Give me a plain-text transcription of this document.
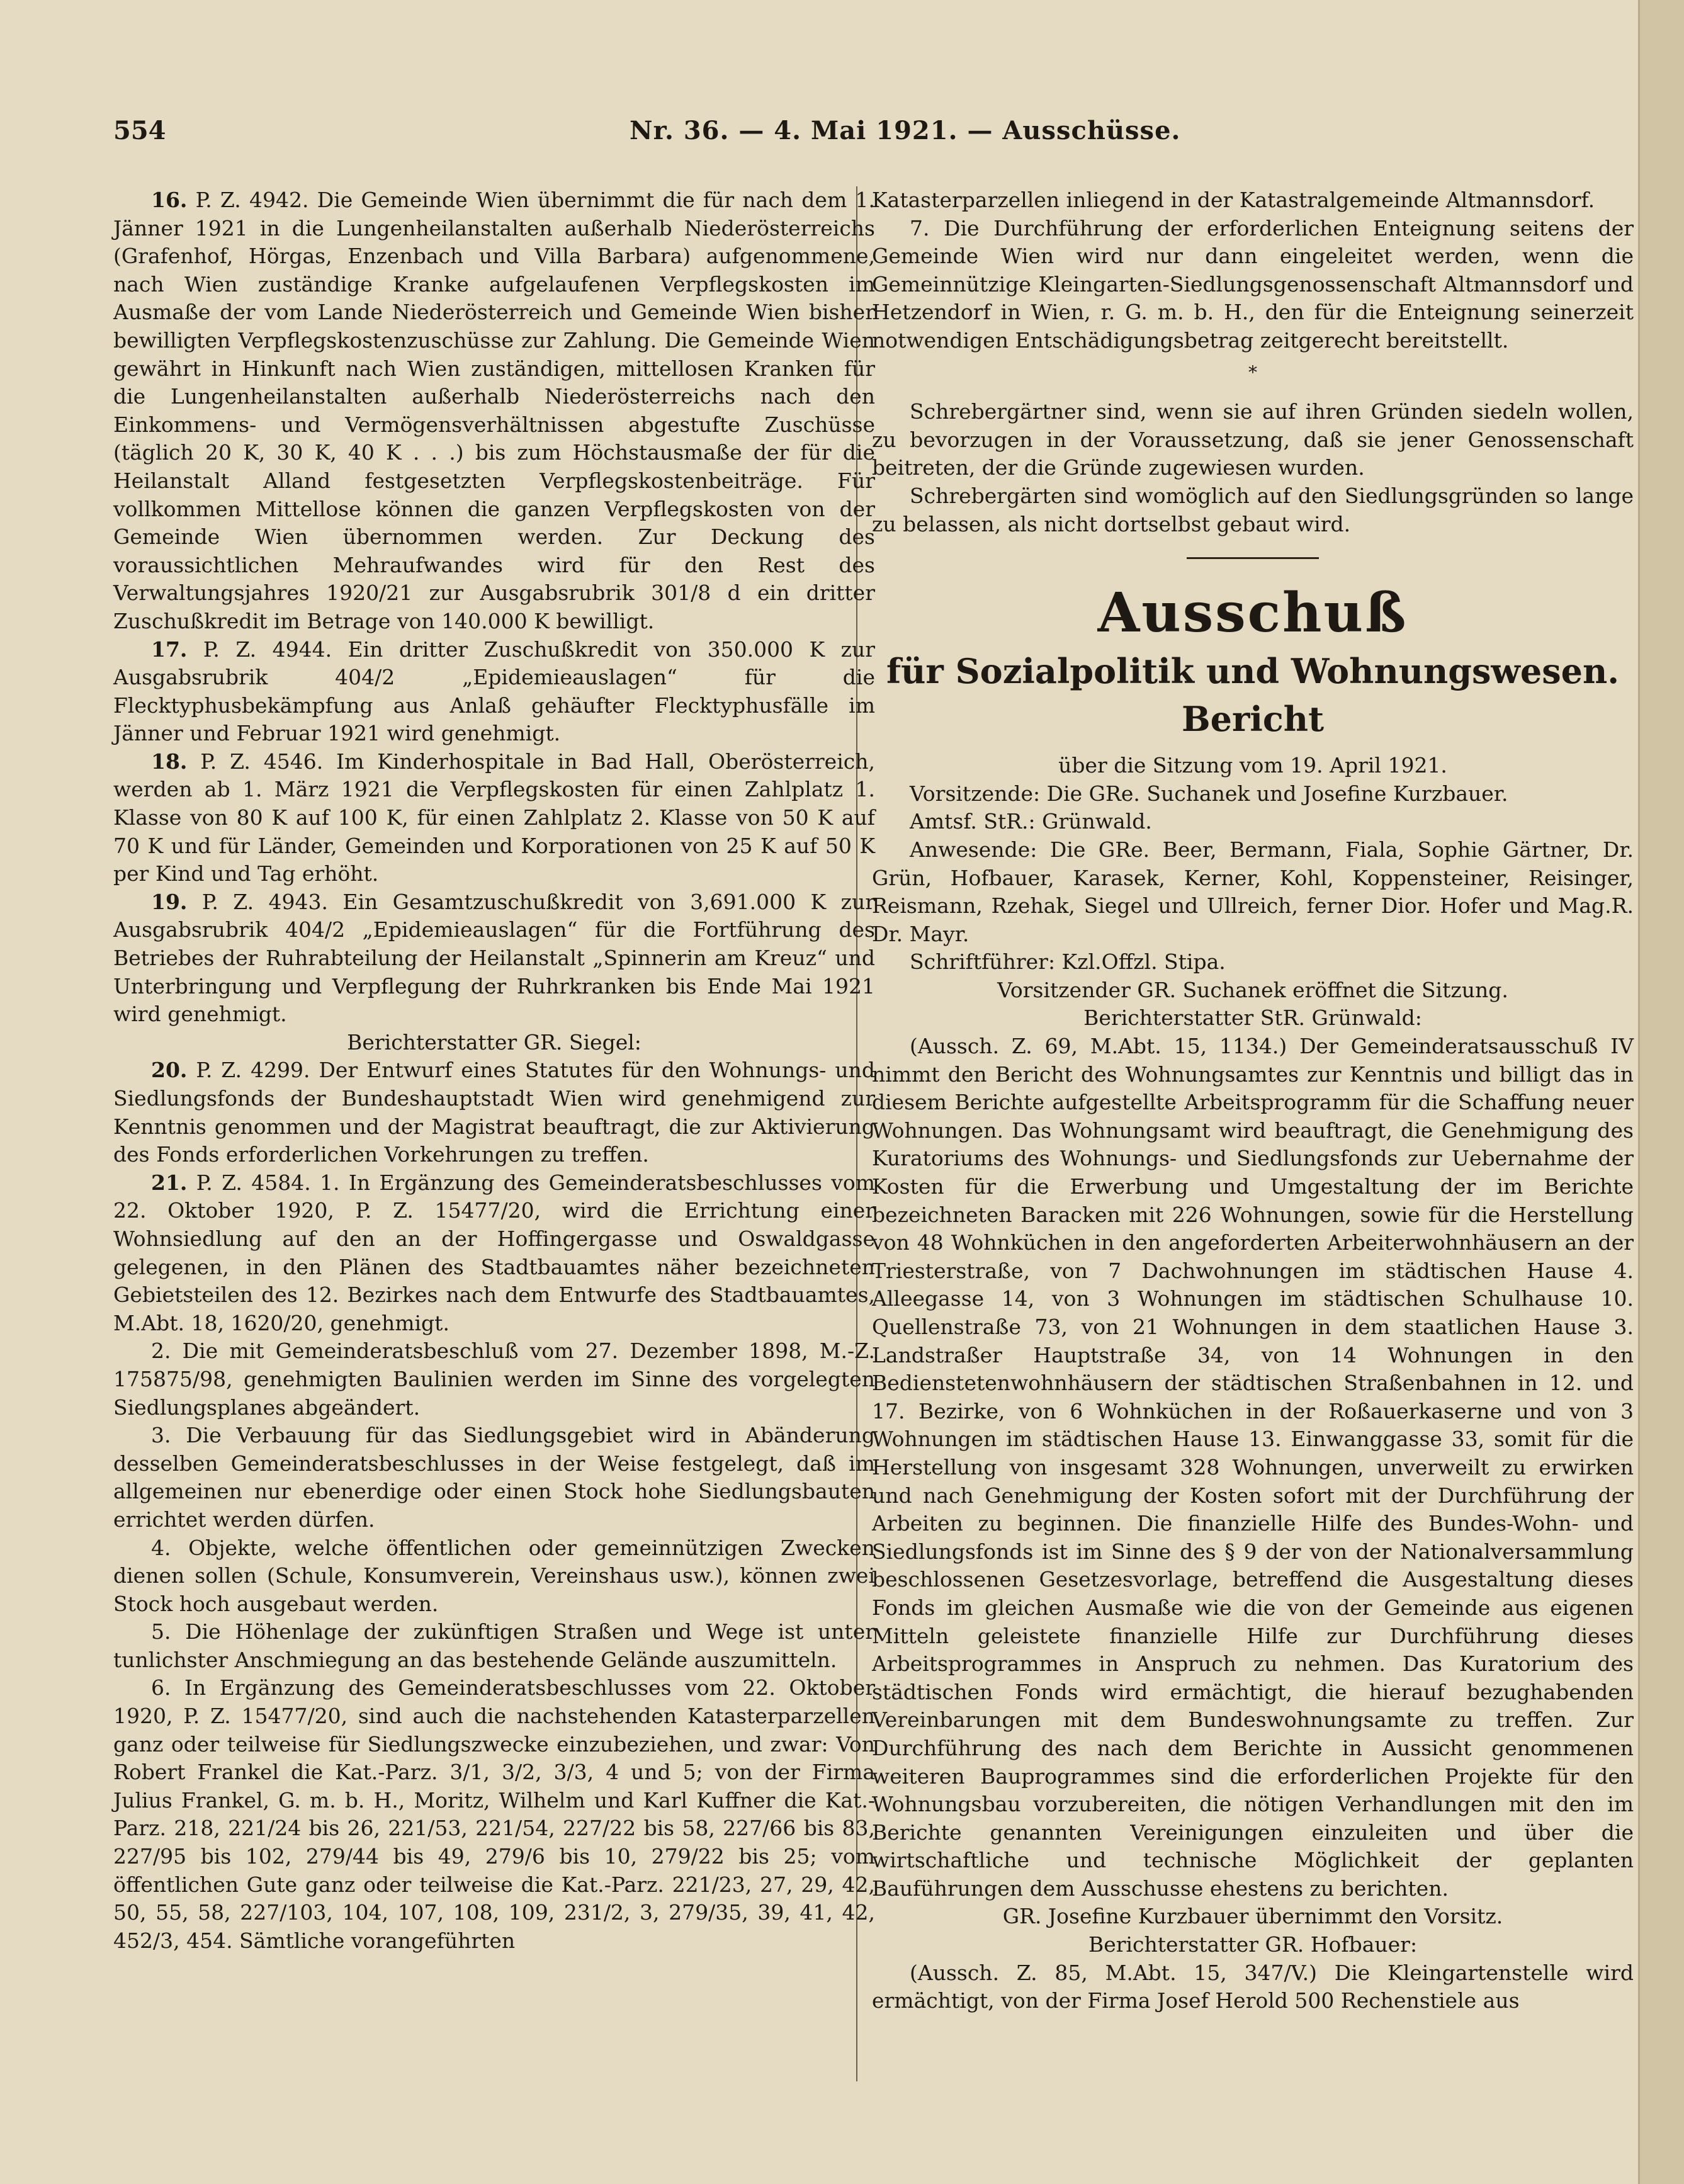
554	Nr. 36. — 4. Mai 1921. — Ausschüsse.

16. P. Z. 4942. Die Gemeinde Wien übernimmt die für nach dem 1. Jänner 1921 in die Lungenheilanstalten außerhalb Niederösterreichs (Grafenhof, Hörgas, Enzenbach und Villa Barbara) aufgenommene, nach Wien zuständige Kranke aufgelaufenen Verpflegskosten im Ausmaße der vom Lande Niederösterreich und Gemeinde Wien bisher bewilligten Verpflegskostenzuschüsse zur Zahlung. Die Gemeinde Wien gewährt in Hinkunft nach Wien zuständigen, mittellosen Kranken für die Lungenheilanstalten außerhalb Niederösterreichs nach den Einkommens- und Vermögensverhältnissen abgestufte Zuschüsse (täglich 20 K, 30 K, 40 K . . .) bis zum Höchstausmaße der für die Heilanstalt Alland festgesetzten Verpflegskostenbeiträge. Für vollkommen Mittellose können die ganzen Verpflegskosten von der Gemeinde Wien übernommen werden. Zur Deckung des voraussichtlichen Mehraufwandes wird für den Rest des Verwaltungsjahres 1920/21 zur Ausgabsrubrik 301/8 d ein dritter Zuschußkredit im Betrage von 140.000 K bewilligt.

17. P. Z. 4944. Ein dritter Zuschußkredit von 350.000 K zur Ausgabsrubrik 404/2 „Epidemieauslagen“ für die Flecktyphusbekämpfung aus Anlaß gehäufter Flecktyphusfälle im Jänner und Februar 1921 wird genehmigt.

18. P. Z. 4546. Im Kinderhospitale in Bad Hall, Oberösterreich, werden ab 1. März 1921 die Verpflegskosten für einen Zahlplatz 1. Klasse von 80 K auf 100 K, für einen Zahlplatz 2. Klasse von 50 K auf 70 K und für Länder, Gemeinden und Korporationen von 25 K auf 50 K per Kind und Tag erhöht.

19. P. Z. 4943. Ein Gesamtzuschußkredit von 3,691.000 K zur Ausgabsrubrik 404/2 „Epidemieauslagen“ für die Fortführung des Betriebes der Ruhrabteilung der Heilanstalt „Spinnerin am Kreuz“ und Unterbringung und Verpflegung der Ruhrkranken bis Ende Mai 1921 wird genehmigt.

Berichterstatter GR. Siegel:

20. P. Z. 4299. Der Entwurf eines Statutes für den Wohnungs- und Siedlungsfonds der Bundeshauptstadt Wien wird genehmigend zur Kenntnis genommen und der Magistrat beauftragt, die zur Aktivierung des Fonds erforderlichen Vorkehrungen zu treffen.

21. P. Z. 4584. 1. In Ergänzung des Gemeinderatsbeschlusses vom 22. Oktober 1920, P. Z. 15477/20, wird die Errichtung einer Wohnsiedlung auf den an der Hoffingergasse und Oswaldgasse gelegenen, in den Plänen des Stadtbauamtes näher bezeichneten Gebietsteilen des 12. Bezirkes nach dem Entwurfe des Stadtbauamtes, M.Abt. 18, 1620/20, genehmigt.

2. Die mit Gemeinderatsbeschluß vom 27. Dezember 1898, M.-Z. 175875/98, genehmigten Baulinien werden im Sinne des vorgelegten Siedlungsplanes abgeändert.

3. Die Verbauung für das Siedlungsgebiet wird in Abänderung desselben Gemeinderatsbeschlusses in der Weise festgelegt, daß im allgemeinen nur ebenerdige oder einen Stock hohe Siedlungsbauten errichtet werden dürfen.

4. Objekte, welche öffentlichen oder gemeinnützigen Zwecken dienen sollen (Schule, Konsumverein, Vereinshaus usw.), können zwei Stock hoch ausgebaut werden.

5. Die Höhenlage der zukünftigen Straßen und Wege ist unter tunlichster Anschmiegung an das bestehende Gelände auszumitteln.

6. In Ergänzung des Gemeinderatsbeschlusses vom 22. Oktober 1920, P. Z. 15477/20, sind auch die nachstehenden Katasterparzellen ganz oder teilweise für Siedlungszwecke einzubeziehen, und zwar: Von Robert Frankel die Kat.-Parz. 3/1, 3/2, 3/3, 4 und 5; von der Firma Julius Frankel, G. m. b. H., Moritz, Wilhelm und Karl Kuffner die Kat.-Parz. 218, 221/24 bis 26, 221/53, 221/54, 227/22 bis 58, 227/66 bis 83, 227/95 bis 102, 279/44 bis 49, 279/6 bis 10, 279/22 bis 25; vom öffentlichen Gute ganz oder teilweise die Kat.-Parz. 221/23, 27, 29, 42, 50, 55, 58, 227/103, 104, 107, 108, 109, 231/2, 3, 279/35, 39, 41, 42, 452/3, 454. Sämtliche vorangeführten

Katasterparzellen inliegend in der Katastralgemeinde Altmannsdorf.

7. Die Durchführung der erforderlichen Enteignung seitens der Gemeinde Wien wird nur dann eingeleitet werden, wenn die Gemeinnützige Kleingarten-Siedlungsgenossenschaft Altmannsdorf und Hetzendorf in Wien, r. G. m. b. H., den für die Enteignung seinerzeit notwendigen Entschädigungsbetrag zeitgerecht bereitstellt.

*

Schrebergärtner sind, wenn sie auf ihren Gründen siedeln wollen, zu bevorzugen in der Voraussetzung, daß sie jener Genossenschaft beitreten, der die Gründe zugewiesen wurden.

Schrebergärten sind womöglich auf den Siedlungsgründen so lange zu belassen, als nicht dortselbst gebaut wird.

Ausschuß
für Sozialpolitik und Wohnungswesen.
Bericht

über die Sitzung vom 19. April 1921.

Vorsitzende: Die GRe. Suchanek und Josefine Kurzbauer.

Amtsf. StR.: Grünwald.

Anwesende: Die GRe. Beer, Bermann, Fiala, Sophie Gärtner, Dr. Grün, Hofbauer, Karasek, Kerner, Kohl, Koppensteiner, Reisinger, Reismann, Rzehak, Siegel und Ullreich, ferner Dior. Hofer und Mag.R. Dr. Mayr.

Schriftführer: Kzl.Offzl. Stipa.

Vorsitzender GR. Suchanek eröffnet die Sitzung.

Berichterstatter StR. Grünwald:

(Aussch. Z. 69, M.Abt. 15, 1134.) Der Gemeinderatsausschuß IV nimmt den Bericht des Wohnungsamtes zur Kenntnis und billigt das in diesem Berichte aufgestellte Arbeitsprogramm für die Schaffung neuer Wohnungen. Das Wohnungsamt wird beauftragt, die Genehmigung des Kuratoriums des Wohnungs- und Siedlungsfonds zur Uebernahme der Kosten für die Erwerbung und Umgestaltung der im Berichte bezeichneten Baracken mit 226 Wohnungen, sowie für die Herstellung von 48 Wohnküchen in den angeforderten Arbeiterwohnhäusern an der Triesterstraße, von 7 Dachwohnungen im städtischen Hause 4. Alleegasse 14, von 3 Wohnungen im städtischen Schulhause 10. Quellenstraße 73, von 21 Wohnungen in dem staatlichen Hause 3. Landstraßer Hauptstraße 34, von 14 Wohnungen in den Bedienstetenwohnhäusern der städtischen Straßenbahnen in 12. und 17. Bezirke, von 6 Wohnküchen in der Roßauerkaserne und von 3 Wohnungen im städtischen Hause 13. Einwanggasse 33, somit für die Herstellung von insgesamt 328 Wohnungen, unverweilt zu erwirken und nach Genehmigung der Kosten sofort mit der Durchführung der Arbeiten zu beginnen. Die finanzielle Hilfe des Bundes-Wohn- und Siedlungsfonds ist im Sinne des § 9 der von der Nationalversammlung beschlossenen Gesetzesvorlage, betreffend die Ausgestaltung dieses Fonds im gleichen Ausmaße wie die von der Gemeinde aus eigenen Mitteln geleistete finanzielle Hilfe zur Durchführung dieses Arbeitsprogrammes in Anspruch zu nehmen. Das Kuratorium des städtischen Fonds wird ermächtigt, die hierauf bezughabenden Vereinbarungen mit dem Bundeswohnungsamte zu treffen. Zur Durchführung des nach dem Berichte in Aussicht genommenen weiteren Bauprogrammes sind die erforderlichen Projekte für den Wohnungsbau vorzubereiten, die nötigen Verhandlungen mit den im Berichte genannten Vereinigungen einzuleiten und über die wirtschaftliche und technische Möglichkeit der geplanten Bauführungen dem Ausschusse ehestens zu berichten.

GR. Josefine Kurzbauer übernimmt den Vorsitz.

Berichterstatter GR. Hofbauer:

(Aussch. Z. 85, M.Abt. 15, 347/V.) Die Kleingartenstelle wird ermächtigt, von der Firma Josef Herold 500 Rechenstiele aus
